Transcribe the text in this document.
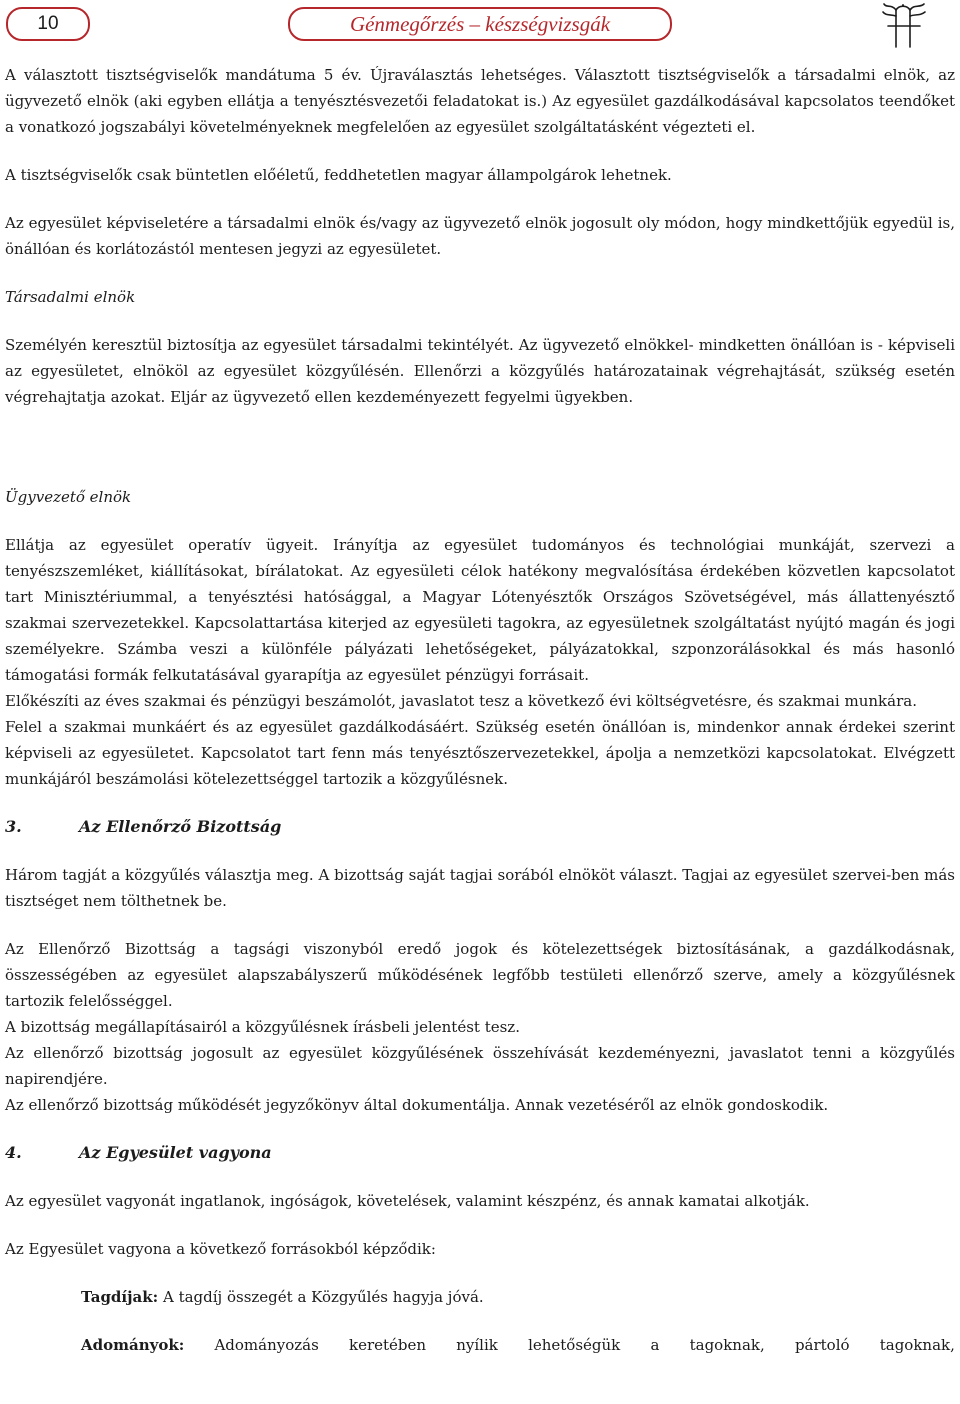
10	Génmegőrzés – készségvizsgák

A választott tisztségviselők mandátuma 5 év. Újraválasztás lehetséges. Választott tisztségviselők a társadalmi elnök, az ügyvezető elnök (aki egyben ellátja a tenyésztésvezetői feladatokat is.) Az egyesület gazdálkodásával kapcsolatos teendőket a vonatkozó jogszabályi követelményeknek megfelelően az egyesület szolgáltatásként végezteti el.

A tisztségviselők csak büntetlen előéletű, feddhetetlen magyar állampolgárok lehetnek.

Az egyesület képviseletére a társadalmi elnök és/vagy az ügyvezető elnök jogosult oly módon, hogy mindkettőjük egyedül is, önállóan és korlátozástól mentesen jegyzi az egyesületet.

Társadalmi elnök

Személyén keresztül biztosítja az egyesület társadalmi tekintélyét. Az ügyvezető elnökkel- mindketten önállóan is - képviseli az egyesületet, elnököl az egyesület közgyűlésén. Ellenőrzi a közgyűlés határozatainak végrehajtását, szükség esetén végrehajtatja azokat. Eljár az ügyvezető ellen kezdeményezett fegyelmi ügyekben.

Ügyvezető elnök

Ellátja az egyesület operatív ügyeit. Irányítja az egyesület tudományos és technológiai munkáját, szervezi a tenyészszemléket, kiállításokat, bírálatokat. Az egyesületi célok hatékony megvalósítása érdekében közvetlen kapcsolatot tart Minisztériummal, a tenyésztési hatósággal, a Magyar Lótenyésztők Országos Szövetségével, más állattenyésztő szakmai szervezetekkel. Kapcsolattartása kiterjed az egyesületi tagokra, az egyesületnek szolgáltatást nyújtó magán és jogi személyekre. Számba veszi a különféle pályázati lehetőségeket, pályázatokkal, szponzorálásokkal és más hasonló támogatási formák felkutatásával gyarapítja az egyesület pénzügyi forrásait.

Előkészíti az éves szakmai és pénzügyi beszámolót, javaslatot tesz a következő évi költségvetésre, és szakmai munkára.

Felel a szakmai munkáért és az egyesület gazdálkodásáért. Szükség esetén önállóan is, mindenkor annak érdekei szerint képviseli az egyesületet. Kapcsolatot tart fenn más tenyésztőszervezetekkel, ápolja a nemzetközi kapcsolatokat. Elvégzett munkájáról beszámolási kötelezettséggel tartozik a közgyűlésnek.

3.	Az Ellenőrző Bizottság

Három tagját a közgyűlés választja meg. A bizottság saját tagjai sorából elnököt választ. Tagjai az egyesület szervei-ben más tisztséget nem tölthetnek be.

Az Ellenőrző Bizottság a tagsági viszonyból eredő jogok és kötelezettségek biztosításának, a gazdálkodásnak, összességében az egyesület alapszabályszerű működésének legfőbb testületi ellenőrző szerve, amely a közgyűlésnek tartozik felelősséggel.

A bizottság megállapításairól a közgyűlésnek írásbeli jelentést tesz.

Az ellenőrző bizottság jogosult az egyesület közgyűlésének összehívását kezdeményezni, javaslatot tenni a közgyűlés napirendjére.

Az ellenőrző bizottság működését jegyzőkönyv által dokumentálja. Annak vezetéséről az elnök gondoskodik.

4.	Az Egyesület vagyona

Az egyesület vagyonát ingatlanok, ingóságok, követelések, valamint készpénz, és annak kamatai alkotják.

Az Egyesület vagyona a következő forrásokból képződik:

Tagdíjak: A tagdíj összegét a Közgyűlés hagyja jóvá.

Adományok: Adományozás keretében nyílik lehetőségük a tagoknak, pártoló tagoknak,
